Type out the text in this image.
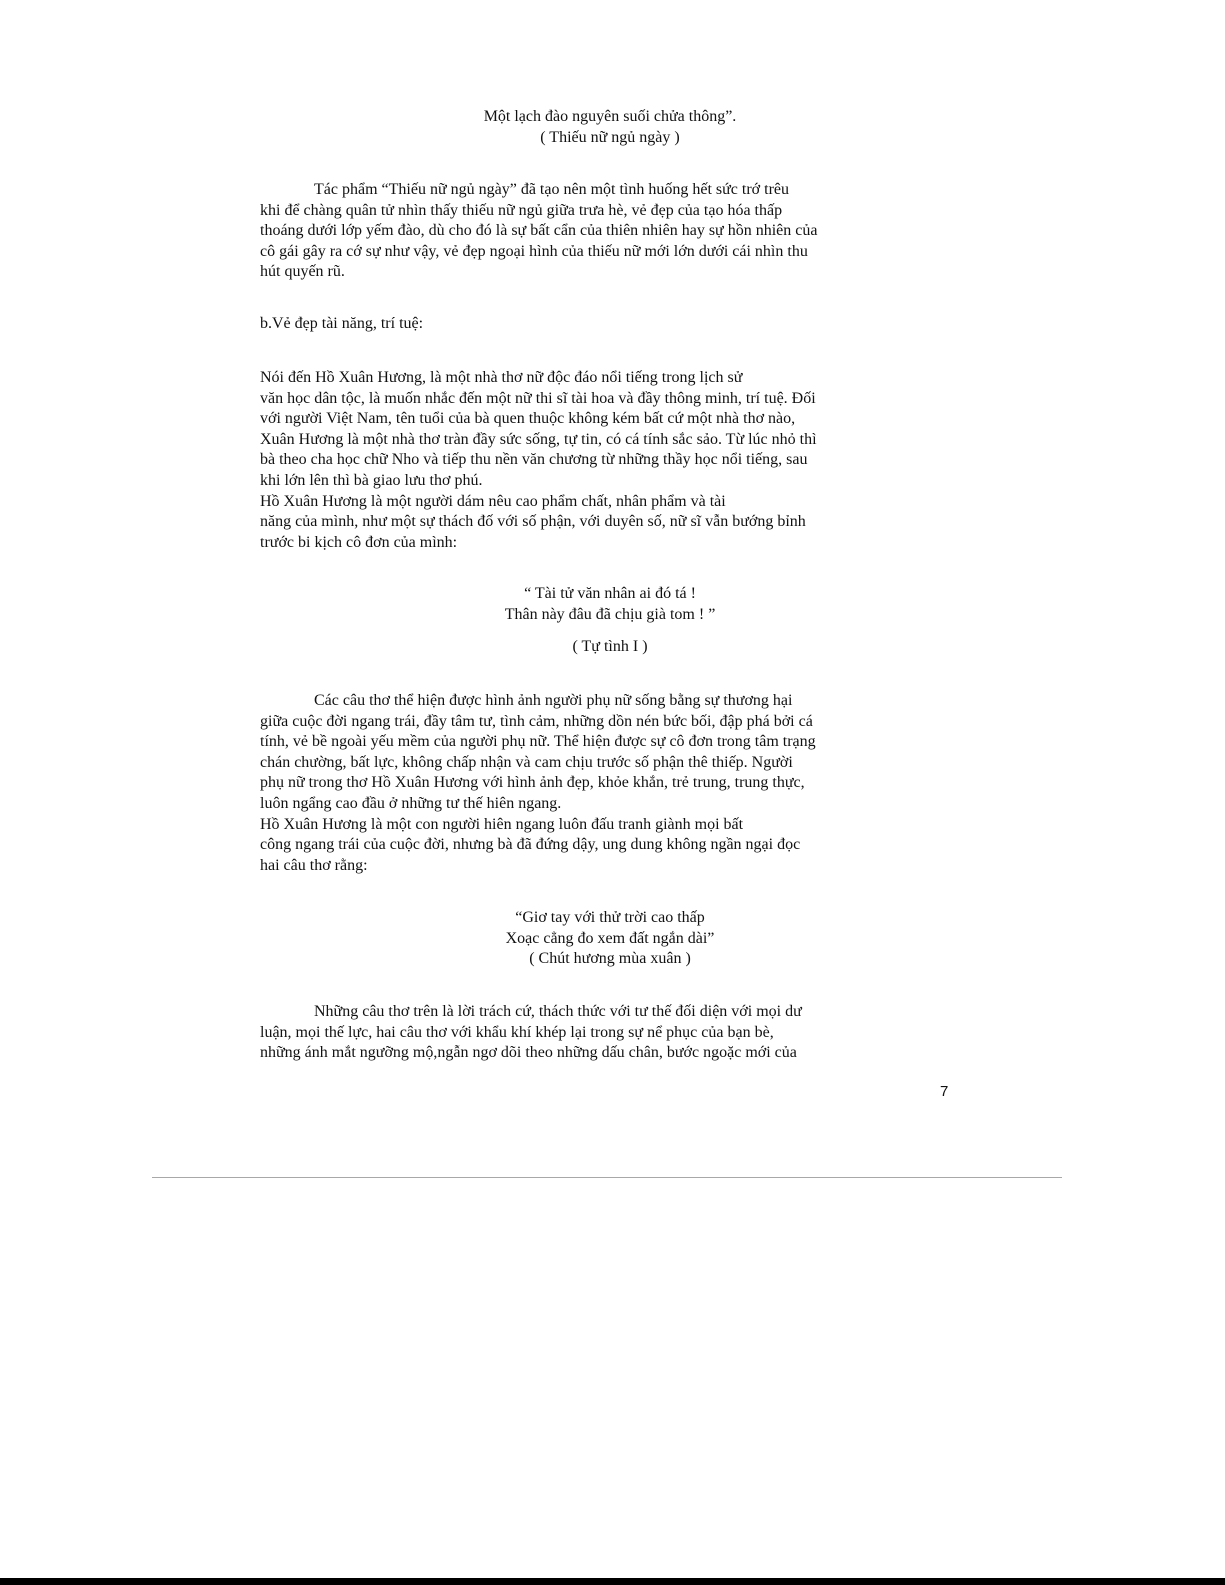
Một lạch đào nguyên suối chửa thông”.
( Thiếu nữ ngủ ngày )
Tác phẩm “Thiếu nữ ngủ ngày” đã tạo nên một tình huống hết sức trớ trêu
khi để chàng quân tử nhìn thấy thiếu nữ ngủ giữa trưa hè, vẻ đẹp của tạo hóa thấp
thoáng dưới lớp yếm đào, dù cho đó là sự bất cẩn của thiên nhiên hay sự hồn nhiên của
cô gái gây ra cớ sự như vậy, vẻ đẹp ngoại hình của thiếu nữ mới lớn dưới cái nhìn thu
hút quyến rũ.
b.Vẻ đẹp tài năng, trí tuệ:
Nói đến Hồ Xuân Hương, là một nhà thơ nữ độc đáo nổi tiếng trong lịch sử
văn học dân tộc, là muốn nhắc đến một nữ thi sĩ tài hoa và đầy thông minh, trí tuệ. Đối
với người Việt Nam, tên tuổi của bà quen thuộc không kém bất cứ một nhà thơ nào,
Xuân Hương là một nhà thơ tràn đầy sức sống, tự tin, có cá tính sắc sảo. Từ lúc nhỏ thì
bà theo cha học chữ Nho và tiếp thu nền văn chương từ những thầy học nổi tiếng, sau
khi lớn lên thì bà giao lưu thơ phú.
Hồ Xuân Hương là một người dám nêu cao phẩm chất, nhân phẩm và tài
năng của mình, như một sự thách đố với số phận, với duyên số, nữ sĩ vẫn bướng bỉnh
trước bi kịch cô đơn của mình:
“ Tài tử văn nhân ai đó tá !
Thân này đâu đã chịu già tom ! ”
( Tự tình I )
Các câu thơ thể hiện được hình ảnh người phụ nữ sống bằng sự thương hại
giữa cuộc đời ngang trái, đầy tâm tư, tình cảm, những dồn nén bức bối, đập phá bởi cá
tính, vẻ bề ngoài yếu mềm của người phụ nữ. Thể hiện được sự cô đơn trong tâm trạng
chán chường, bất lực, không chấp nhận và cam chịu trước số phận thê thiếp. Người
phụ nữ trong thơ Hồ Xuân Hương với hình ảnh đẹp, khỏe khắn, trẻ trung, trung thực,
luôn ngẩng cao đầu ở những tư thế hiên ngang.
Hồ Xuân Hương là một con người hiên ngang luôn đấu tranh giành mọi bất
công ngang trái của cuộc đời, nhưng bà đã đứng dậy, ung dung không ngần ngại đọc
hai câu thơ rằng:
“Giơ tay với thử trời cao thấp
Xoạc cẳng đo xem đất ngắn dài”
( Chút hương mùa xuân )
Những câu thơ trên là lời trách cứ, thách thức với tư thế đối diện với mọi dư
luận, mọi thế lực, hai câu thơ với khẩu khí khép lại trong sự nể phục của bạn bè,
những ánh mắt ngưỡng mộ,ngẫn ngơ dõi theo những dấu chân, bước ngoặc mới của
7
